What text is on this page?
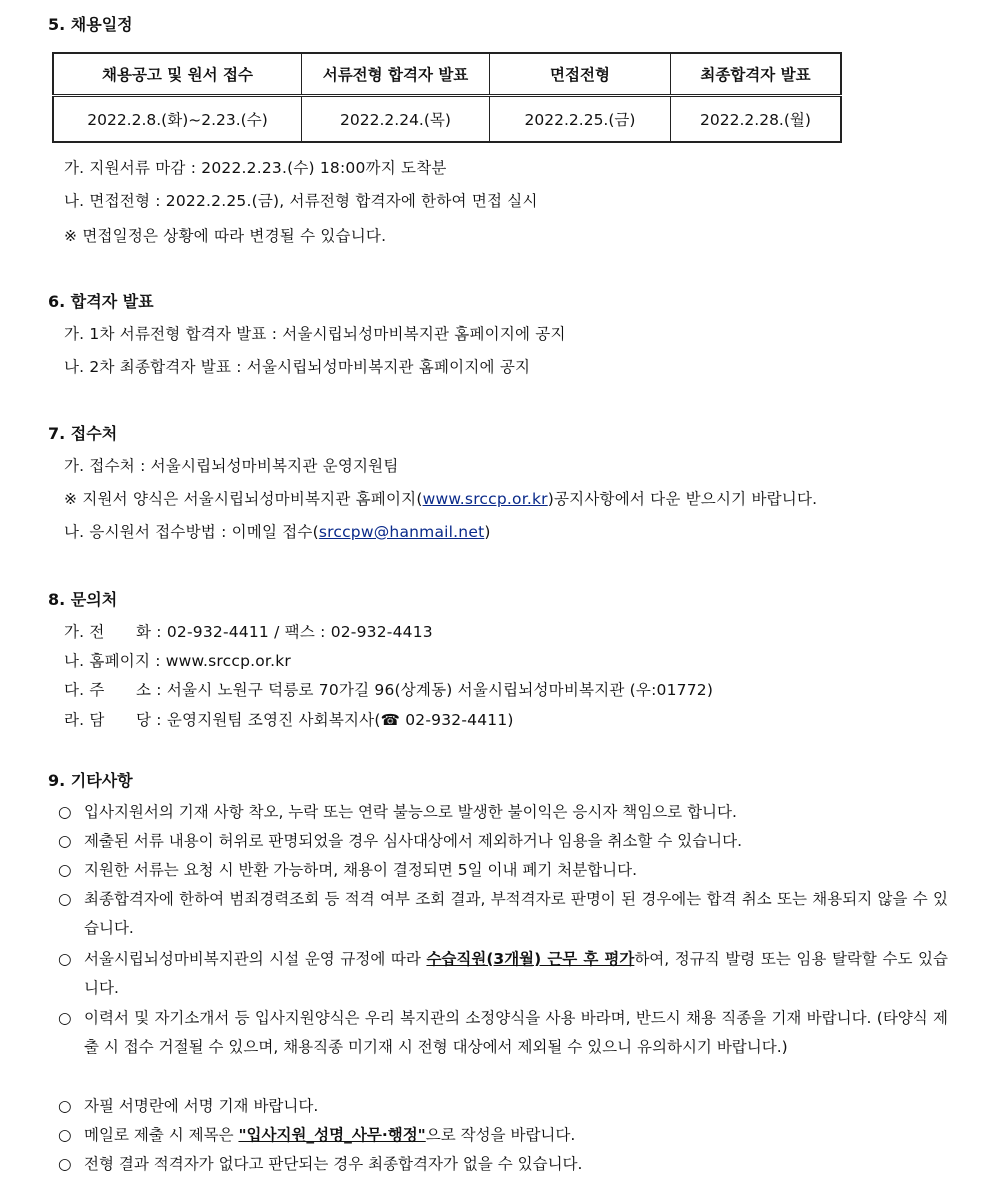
5. 채용일정
채용공고 및 원서 접수	서류전형 합격자 발표	면접전형	최종합격자 발표
2022.2.8.(화)~2.23.(수)	2022.2.24.(목)	2022.2.25.(금)	2022.2.28.(월)
가. 지원서류 마감 : 2022.2.23.(수) 18:00까지 도착분
나. 면접전형 : 2022.2.25.(금), 서류전형 합격자에 한하여 면접 실시
※ 면접일정은 상황에 따라 변경될 수 있습니다.
6. 합격자 발표
가. 1차 서류전형 합격자 발표 : 서울시립뇌성마비복지관 홈페이지에 공지
나. 2차 최종합격자 발표 : 서울시립뇌성마비복지관 홈페이지에 공지
7. 접수처
가. 접수처 : 서울시립뇌성마비복지관 운영지원팀
※ 지원서 양식은 서울시립뇌성마비복지관 홈페이지(www.srccp.or.kr)공지사항에서 다운 받으시기 바랍니다.
나. 응시원서 접수방법 : 이메일 접수(srccpw@hanmail.net)
8. 문의처
가. 전　　화 : 02-932-4411 / 팩스 : 02-932-4413
나. 홈페이지 : www.srccp.or.kr
다. 주　　소 : 서울시 노원구 덕릉로 70가길 96(상계동) 서울시립뇌성마비복지관 (우:01772)
라. 담　　당 : 운영지원팀 조영진 사회복지사(☎ 02-932-4411)
9. 기타사항
○ 입사지원서의 기재 사항 착오, 누락 또는 연락 불능으로 발생한 불이익은 응시자 책임으로 합니다.
○ 제출된 서류 내용이 허위로 판명되었을 경우 심사대상에서 제외하거나 임용을 취소할 수 있습니다.
○ 지원한 서류는 요청 시 반환 가능하며, 채용이 결정되면 5일 이내 폐기 처분합니다.
○ 최종합격자에 한하여 범죄경력조회 등 적격 여부 조회 결과, 부적격자로 판명이 된 경우에는 합격 취소 또는 채용되지 않을 수 있습니다.
○ 서울시립뇌성마비복지관의 시설 운영 규정에 따라 수습직원(3개월) 근무 후 평가하여, 정규직 발령 또는 임용 탈락할 수도 있습니다.
○ 이력서 및 자기소개서 등 입사지원양식은 우리 복지관의 소정양식을 사용 바라며, 반드시 채용 직종을 기재 바랍니다. (타양식 제출 시 접수 거절될 수 있으며, 채용직종 미기재 시 전형 대상에서 제외될 수 있으니 유의하시기 바랍니다.)
○ 자필 서명란에 서명 기재 바랍니다.
○ 메일로 제출 시 제목은 "입사지원_성명_사무·행정"으로 작성을 바랍니다.
○ 전형 결과 적격자가 없다고 판단되는 경우 최종합격자가 없을 수 있습니다.
